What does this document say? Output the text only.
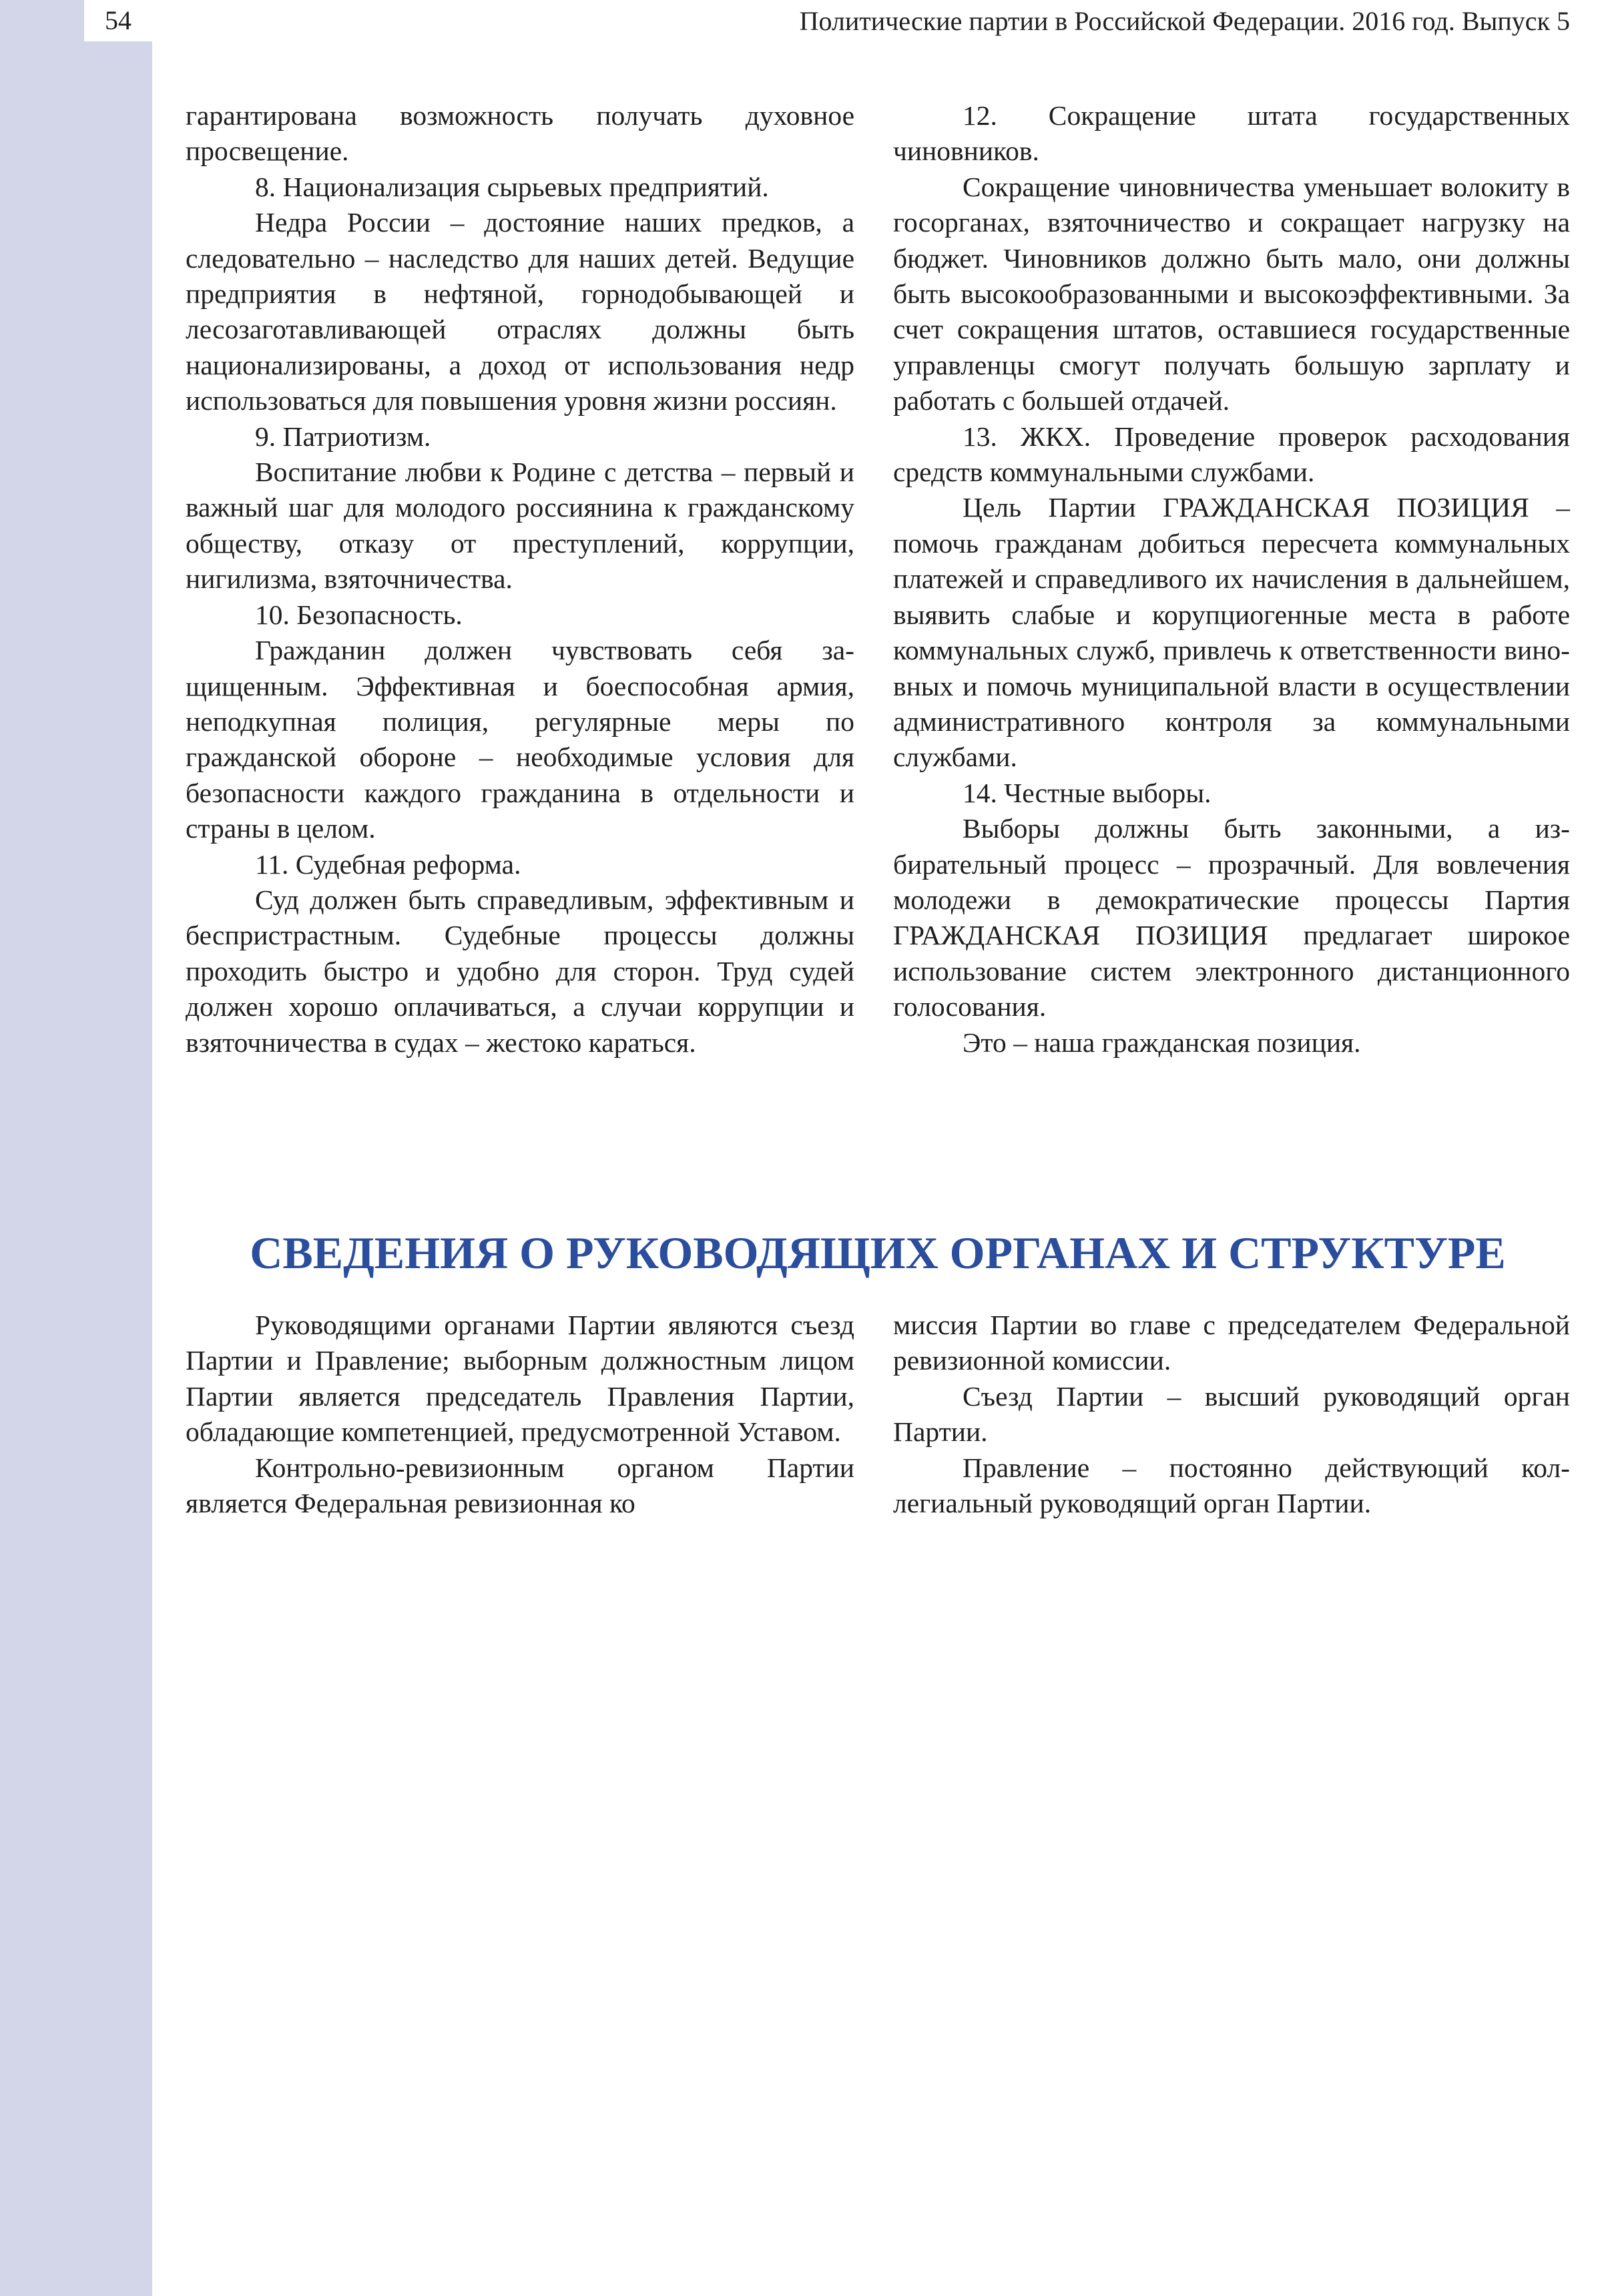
54	Политические партии в Российской Федерации. 2016 год. Выпуск 5

гарантирована возможность получать духовное просвещение.

8. Национализация сырьевых предприятий.

Недра России – достояние наших предков, а следовательно – наследство для наших детей. Ведущие предприятия в нефтяной, горнодобывающей и лесозаготавливающей отраслях должны быть национализированы, а доход от использования недр использоваться для повышения уровня жизни россиян.

9. Патриотизм.

Воспитание любви к Родине с детства – первый и важный шаг для молодого россиянина к гражданскому обществу, отказу от преступлений, коррупции, нигилизма, взяточничества.

10. Безопасность.

Гражданин должен чувствовать себя защищенным. Эффективная и боеспособная армия, неподкупная полиция, регулярные меры по гражданской обороне – необходимые условия для безопасности каждого гражданина в отдельности и страны в целом.

11. Судебная реформа.

Суд должен быть справедливым, эффективным и беспристрастным. Судебные процессы должны проходить быстро и удобно для сторон. Труд судей должен хорошо оплачиваться, а случаи коррупции и взяточничества в судах – жестоко караться.

12. Сокращение штата государственных чиновников.

Сокращение чиновничества уменьшает волокиту в госорганах, взяточничество и сокращает нагрузку на бюджет. Чиновников должно быть мало, они должны быть высокообразованными и высокоэффективными. За счет сокращения штатов, оставшиеся государственные управленцы смогут получать большую зарплату и работать с большей отдачей.

13. ЖКХ. Проведение проверок расходования средств коммунальными службами.

Цель Партии ГРАЖДАНСКАЯ ПОЗИЦИЯ – помочь гражданам добиться пересчета коммунальных платежей и справедливого их начисления в дальнейшем, выявить слабые и корупциогенные места в работе коммунальных служб, привлечь к ответственности виновных и помочь муниципальной власти в осуществлении административного контроля за коммунальными службами.

14. Честные выборы.

Выборы должны быть законными, а избирательный процесс – прозрачный. Для вовлечения молодежи в демократические процессы Партия ГРАЖДАНСКАЯ ПОЗИЦИЯ предлагает широкое использование систем электронного дистанционного голосования.

Это – наша гражданская позиция.

СВЕДЕНИЯ О РУКОВОДЯЩИХ ОРГАНАХ И СТРУКТУРЕ

Руководящими органами Партии являются съезд Партии и Правление; выборным должностным лицом Партии является председатель Правления Партии, обладающие компетенцией, предусмотренной Уставом.

Контрольно-ревизионным органом Партии является Федеральная ревизионная ко

миссия Партии во главе с председателем Федеральной ревизионной комиссии.

Съезд Партии – высший руководящий орган Партии.

Правление – постоянно действующий коллегиальный руководящий орган Партии.
